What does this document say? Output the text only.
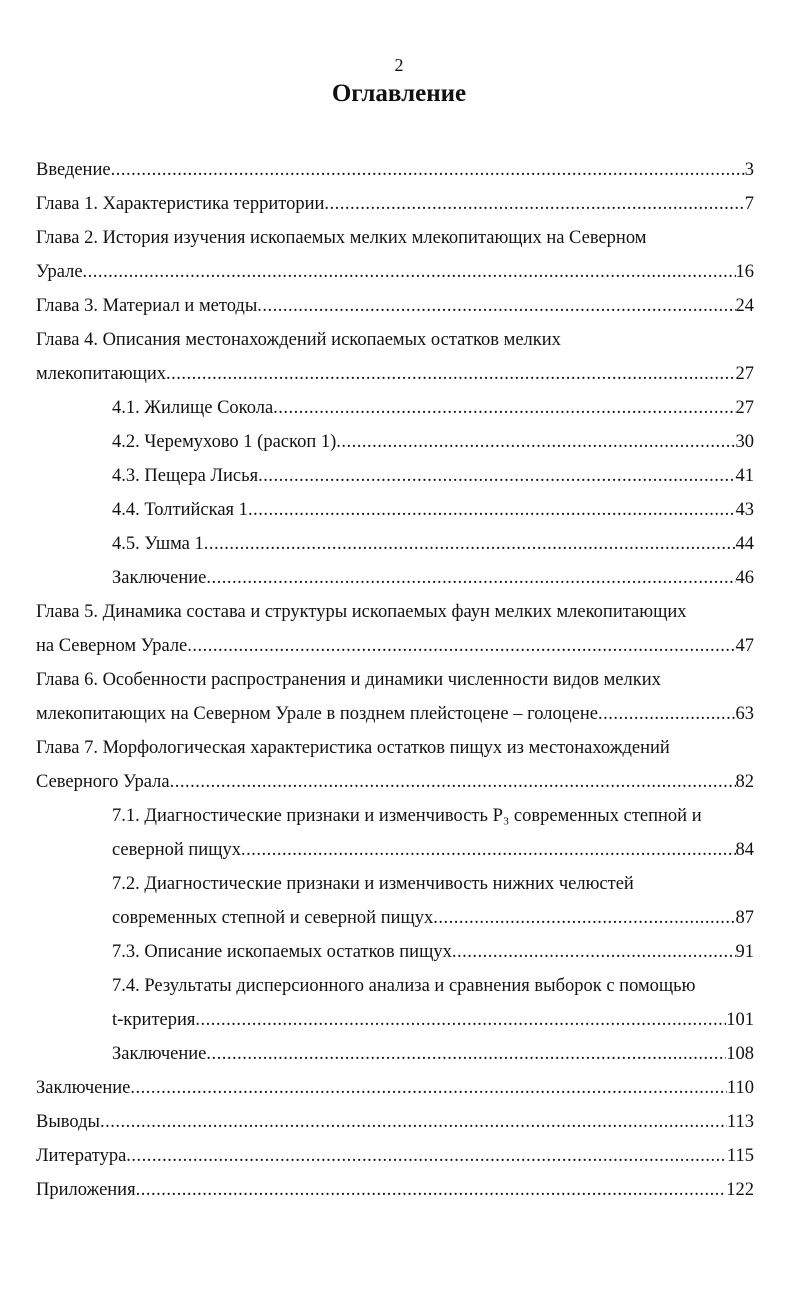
2
Оглавление
Введение .....	3
Глава 1. Характеристика территории .....	7
Глава 2. История изучения ископаемых мелких млекопитающих на Северном
Урале .....	16
Глава 3. Материал и методы .....	24
Глава 4. Описания местонахождений ископаемых остатков мелких
млекопитающих .....	27
4.1. Жилище Сокола .....	27
4.2. Черемухово 1 (раскоп 1) .....	30
4.3. Пещера Лисья .....	41
4.4. Толтийская 1 .....	43
4.5. Ушма 1 .....	44
Заключение .....	46
Глава 5. Динамика состава и структуры ископаемых фаун мелких млекопитающих
на Северном Урале .....	47
Глава 6. Особенности распространения и динамики численности видов мелких
млекопитающих на Северном Урале в позднем плейстоцене – голоцене .....	63
Глава 7. Морфологическая характеристика остатков пищух из местонахождений
Северного Урала .....	82
7.1. Диагностические признаки и изменчивость P₃ современных степной и
северной пищух .....	84
7.2. Диагностические признаки и изменчивость нижних челюстей
современных степной и северной пищух .....	87
7.3. Описание ископаемых остатков пищух .....	91
7.4. Результаты дисперсионного анализа и сравнения выборок с помощью
t-критерия .....	101
Заключение .....	108
Заключение .....	110
Выводы .....	113
Литература .....	115
Приложения .....	122
